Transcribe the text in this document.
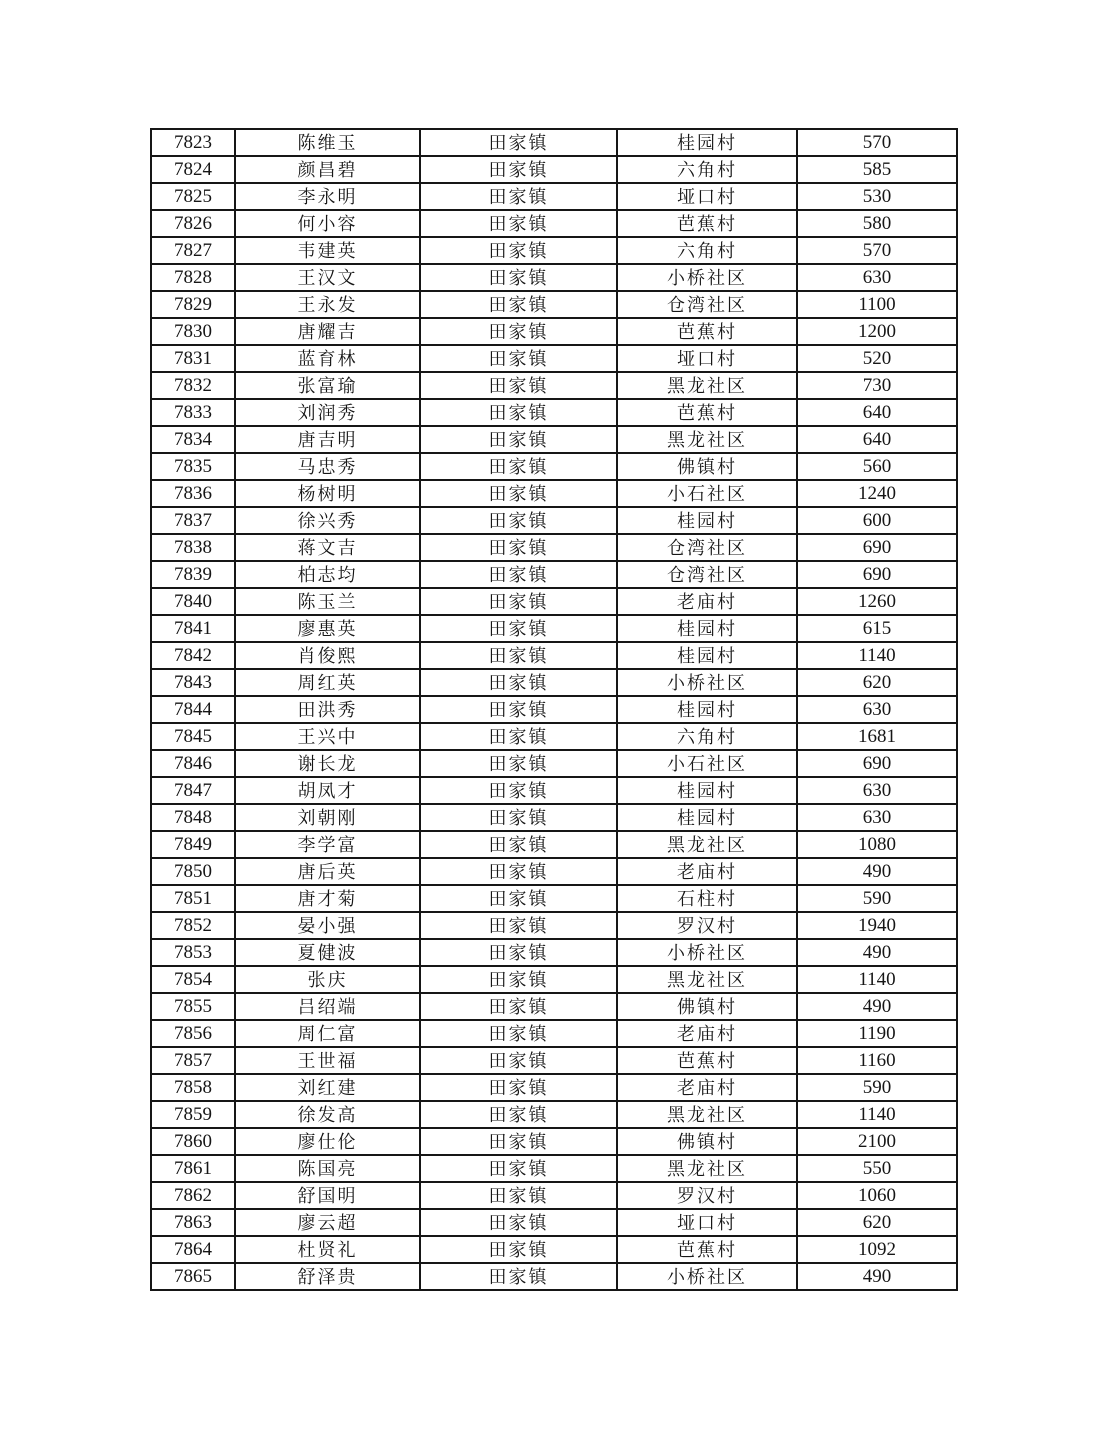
7823	陈维玉	田家镇	桂园村	570
7824	颜昌碧	田家镇	六角村	585
7825	李永明	田家镇	垭口村	530
7826	何小容	田家镇	芭蕉村	580
7827	韦建英	田家镇	六角村	570
7828	王汉文	田家镇	小桥社区	630
7829	王永发	田家镇	仓湾社区	1100
7830	唐耀吉	田家镇	芭蕉村	1200
7831	蓝育林	田家镇	垭口村	520
7832	张富瑜	田家镇	黑龙社区	730
7833	刘润秀	田家镇	芭蕉村	640
7834	唐吉明	田家镇	黑龙社区	640
7835	马忠秀	田家镇	佛镇村	560
7836	杨树明	田家镇	小石社区	1240
7837	徐兴秀	田家镇	桂园村	600
7838	蒋文吉	田家镇	仓湾社区	690
7839	柏志均	田家镇	仓湾社区	690
7840	陈玉兰	田家镇	老庙村	1260
7841	廖惠英	田家镇	桂园村	615
7842	肖俊熙	田家镇	桂园村	1140
7843	周红英	田家镇	小桥社区	620
7844	田洪秀	田家镇	桂园村	630
7845	王兴中	田家镇	六角村	1681
7846	谢长龙	田家镇	小石社区	690
7847	胡凤才	田家镇	桂园村	630
7848	刘朝刚	田家镇	桂园村	630
7849	李学富	田家镇	黑龙社区	1080
7850	唐后英	田家镇	老庙村	490
7851	唐才菊	田家镇	石柱村	590
7852	晏小强	田家镇	罗汉村	1940
7853	夏健波	田家镇	小桥社区	490
7854	张庆	田家镇	黑龙社区	1140
7855	吕绍端	田家镇	佛镇村	490
7856	周仁富	田家镇	老庙村	1190
7857	王世福	田家镇	芭蕉村	1160
7858	刘红建	田家镇	老庙村	590
7859	徐发高	田家镇	黑龙社区	1140
7860	廖仕伦	田家镇	佛镇村	2100
7861	陈国亮	田家镇	黑龙社区	550
7862	舒国明	田家镇	罗汉村	1060
7863	廖云超	田家镇	垭口村	620
7864	杜贤礼	田家镇	芭蕉村	1092
7865	舒泽贵	田家镇	小桥社区	490
